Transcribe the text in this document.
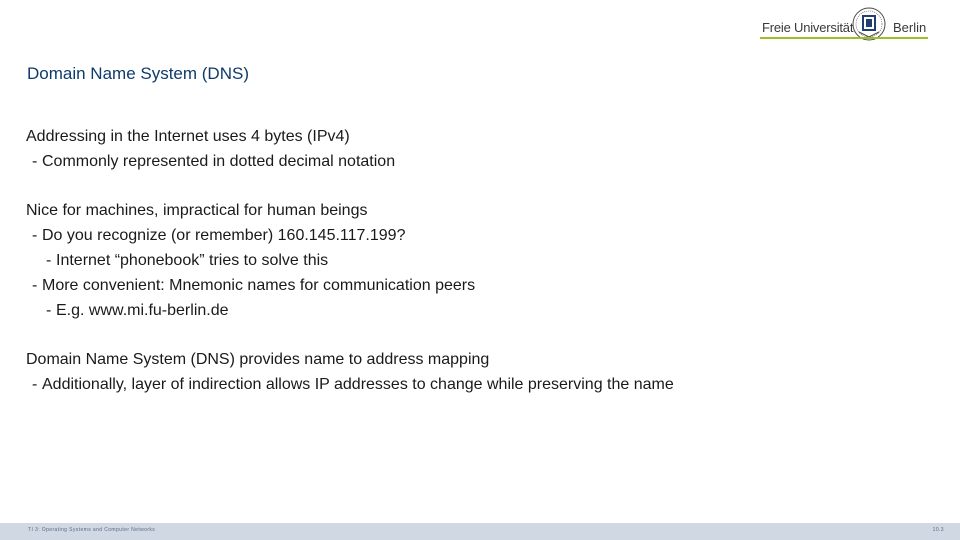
Freie Universität	Berlin
Domain Name System (DNS)
Addressing in the Internet uses 4 bytes (IPv4)
- Commonly represented in dotted decimal notation
Nice for machines, impractical for human beings
- Do you recognize (or remember) 160.145.117.199?
- Internet “phonebook” tries to solve this
- More convenient: Mnemonic names for communication peers
- E.g. www.mi.fu-berlin.de
Domain Name System (DNS) provides name to address mapping
- Additionally, layer of indirection allows IP addresses to change while preserving the name
TI 3: Operating Systems and Computer Networks	10.3
